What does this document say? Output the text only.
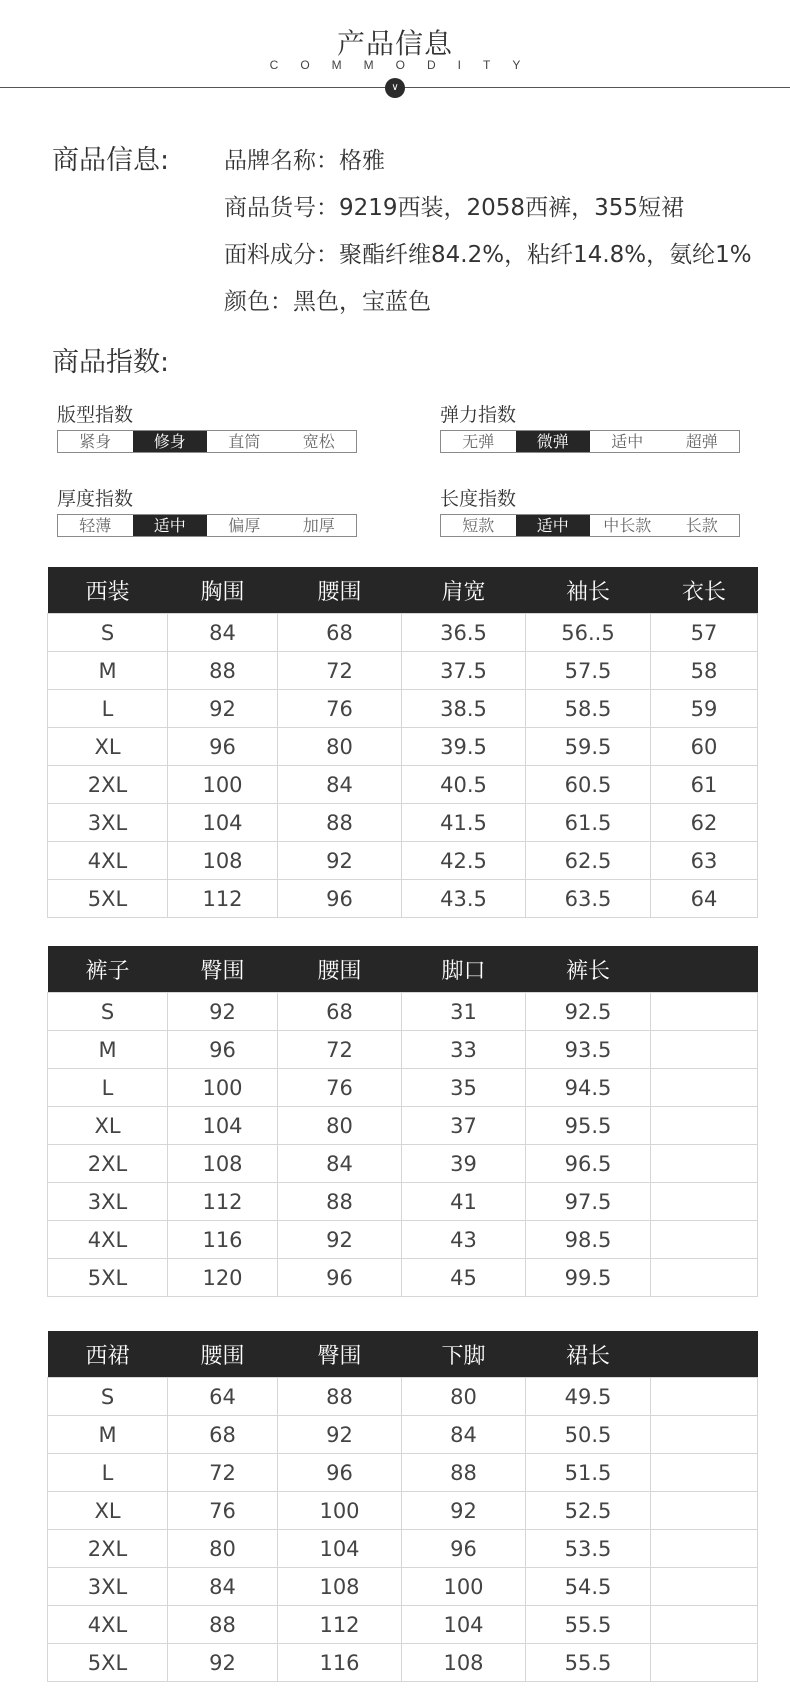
产品信息
COMMODITY
∨
商品信息: 品牌名称：格雅
商品货号：9219西装，2058西裤，355短裙
面料成分：聚酯纤维84.2%，粘纤14.8%，氨纶1%
颜色：黑色，宝蓝色
商品指数:
版型指数
紧身	修身	直筒	宽松
弹力指数
无弹	微弹	适中	超弹
厚度指数
轻薄	适中	偏厚	加厚
长度指数
短款	适中	中长款	长款
西装	胸围	腰围	肩宽	袖长	衣长
S	84	68	36.5	56..5	57
M	88	72	37.5	57.5	58
L	92	76	38.5	58.5	59
XL	96	80	39.5	59.5	60
2XL	100	84	40.5	60.5	61
3XL	104	88	41.5	61.5	62
4XL	108	92	42.5	62.5	63
5XL	112	96	43.5	63.5	64
裤子	臀围	腰围	脚口	裤长	
S	92	68	31	92.5	
M	96	72	33	93.5	
L	100	76	35	94.5	
XL	104	80	37	95.5	
2XL	108	84	39	96.5	
3XL	112	88	41	97.5	
4XL	116	92	43	98.5	
5XL	120	96	45	99.5	
西裙	腰围	臀围	下脚	裙长	
S	64	88	80	49.5	
M	68	92	84	50.5	
L	72	96	88	51.5	
XL	76	100	92	52.5	
2XL	80	104	96	53.5	
3XL	84	108	100	54.5	
4XL	88	112	104	55.5	
5XL	92	116	108	55.5	
